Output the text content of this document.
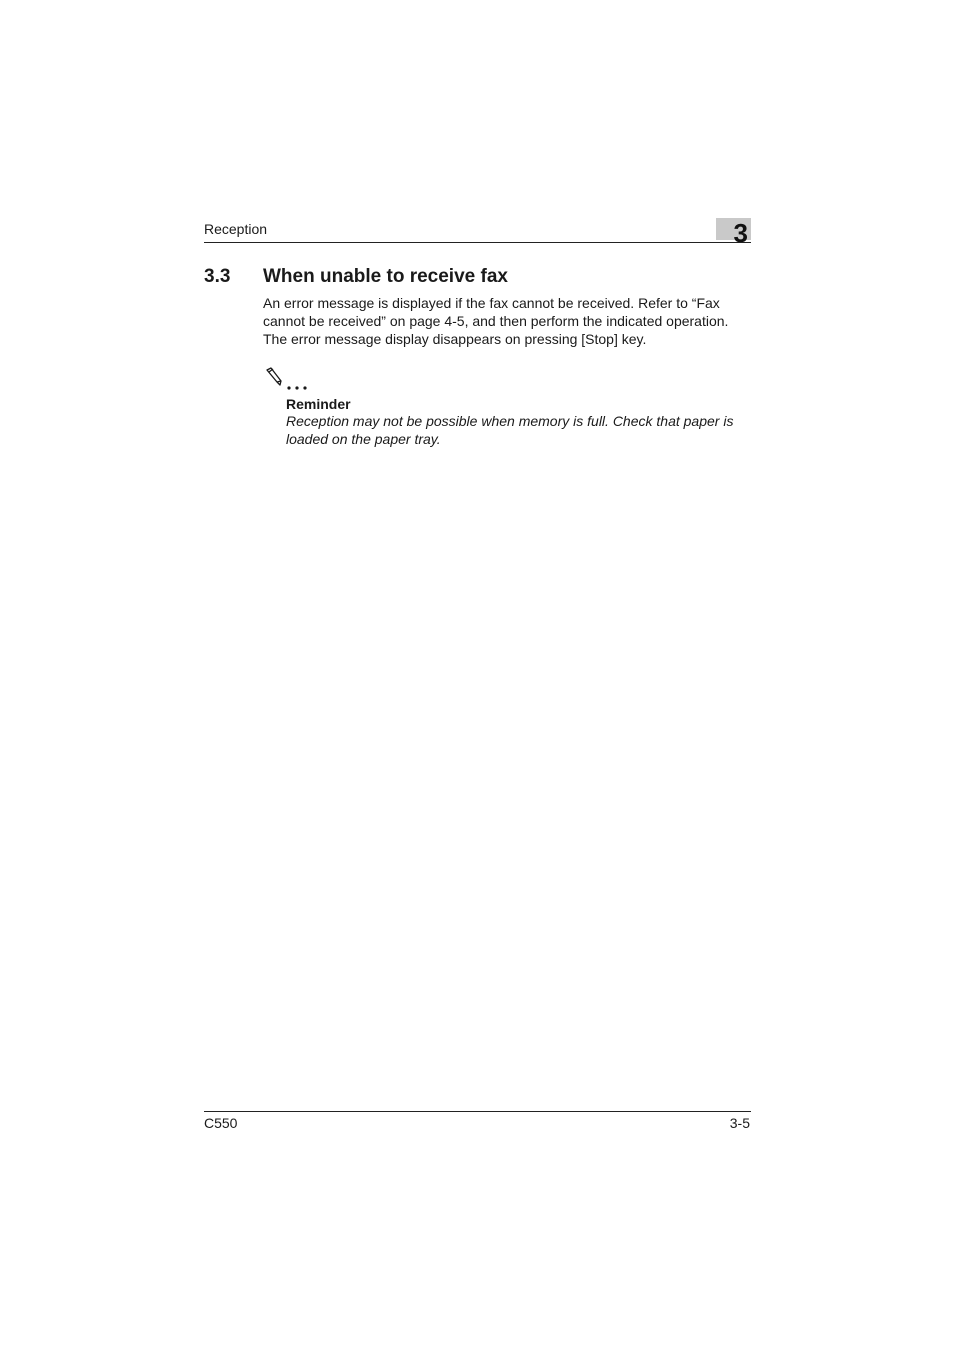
Reception	3
3.3 When unable to receive fax

An error message is displayed if the fax cannot be received. Refer to “Fax

cannot be received” on page 4-5, and then perform the indicated operation.

The error message display disappears on pressing [Stop] key.

Reminder

Reception may not be possible when memory is full. Check that paper is

loaded on the paper tray.

C550	3-5
